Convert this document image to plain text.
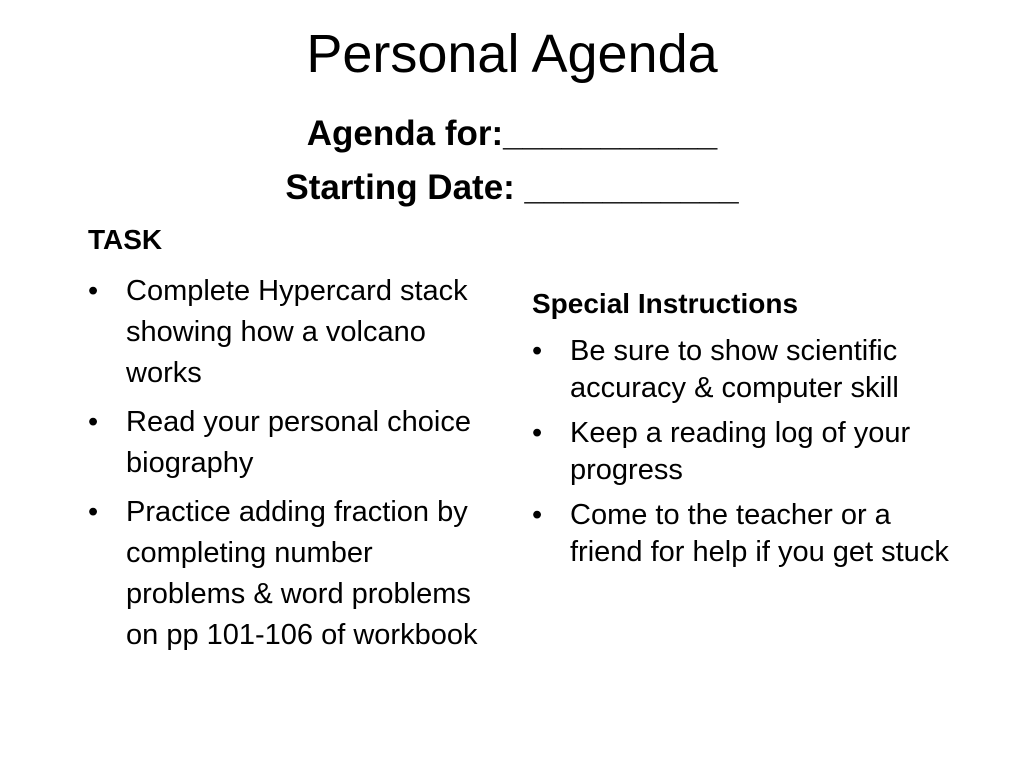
Personal Agenda
Agenda for:___________
Starting Date: ___________
TASK
• Complete Hypercard stack showing how a volcano works
• Read your personal choice biography
• Practice adding fraction by completing number problems & word problems on pp 101-106 of workbook
Special Instructions
• Be sure to show scientific accuracy & computer skill
• Keep a reading log of your progress
• Come to the teacher or a friend for help if you get stuck
